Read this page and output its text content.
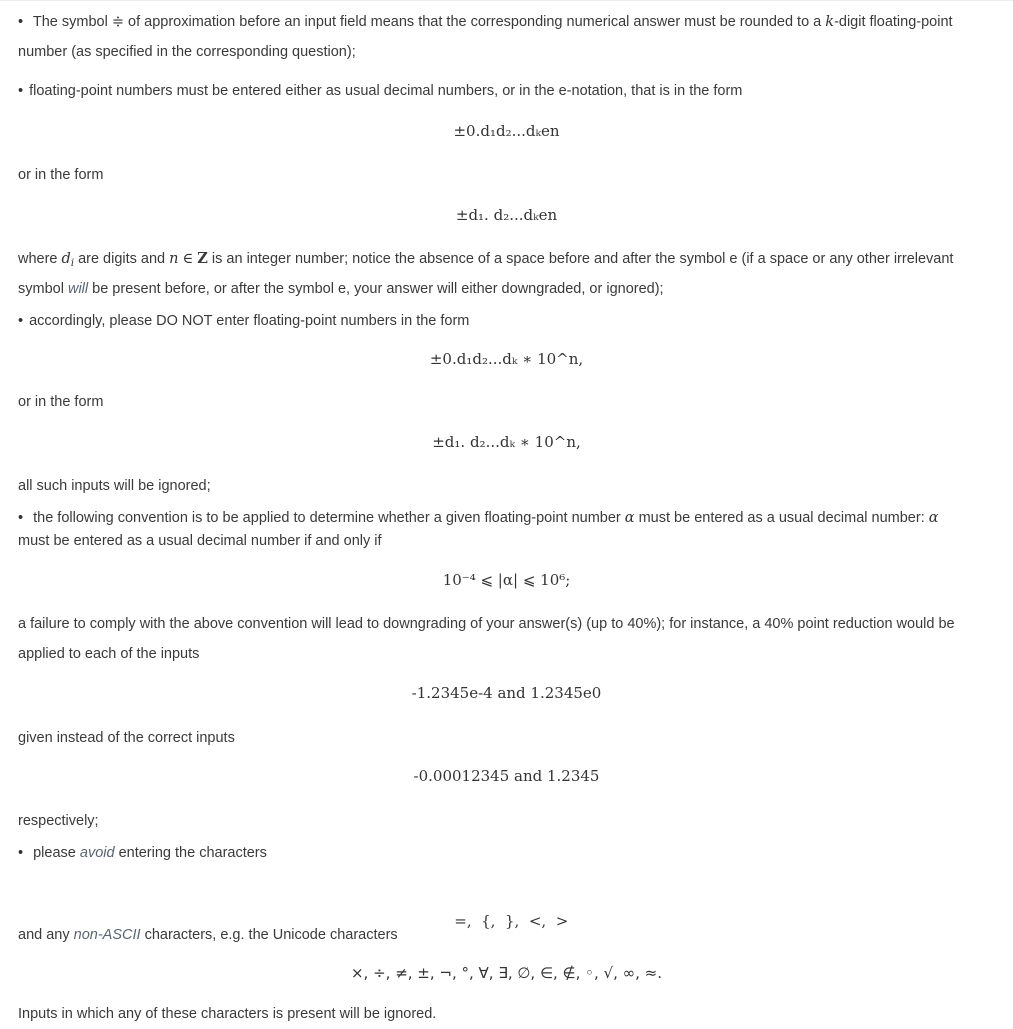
• The symbol ≑ of approximation before an input field means that the corresponding numerical answer must be rounded to a k-digit floating-point
number (as specified in the corresponding question);
• floating-point numbers must be entered either as usual decimal numbers, or in the e-notation, that is in the form
±0.d₁d₂...dₖen
or in the form
±d₁. d₂...dₖen
where $d_i$ are digits and n ∈ Z is an integer number; notice the absence of a space before and after the symbol e (if a space or any other irrelevant
symbol will be present before, or after the symbol e, your answer will either downgraded, or ignored);
• accordingly, please DO NOT enter floating-point numbers in the form
±0.d₁d₂...dₖ ∗ 10^n,
or in the form
±d₁. d₂...dₖ ∗ 10^n,
all such inputs will be ignored;
• the following convention is to be applied to determine whether a given floating-point number α must be entered as a usual decimal number: α
must be entered as a usual decimal number if and only if
10⁻⁴ ⩽ |α| ⩽ 10⁶;
a failure to comply with the above convention will lead to downgrading of your answer(s) (up to 40%); for instance, a 40% point reduction would be
applied to each of the inputs
-1.2345e-4 and 1.2345e0
given instead of the correct inputs
-0.00012345 and 1.2345
respectively;
• please avoid entering the characters

=,  {,  },  <,  >

and any non-ASCII characters, e.g. the Unicode characters
×, ÷, ≠, ±, ¬, °, ∀, ∃, ∅, ∈, ∉, ◦, √, ∞, ≈.
Inputs in which any of these characters is present will be ignored.
